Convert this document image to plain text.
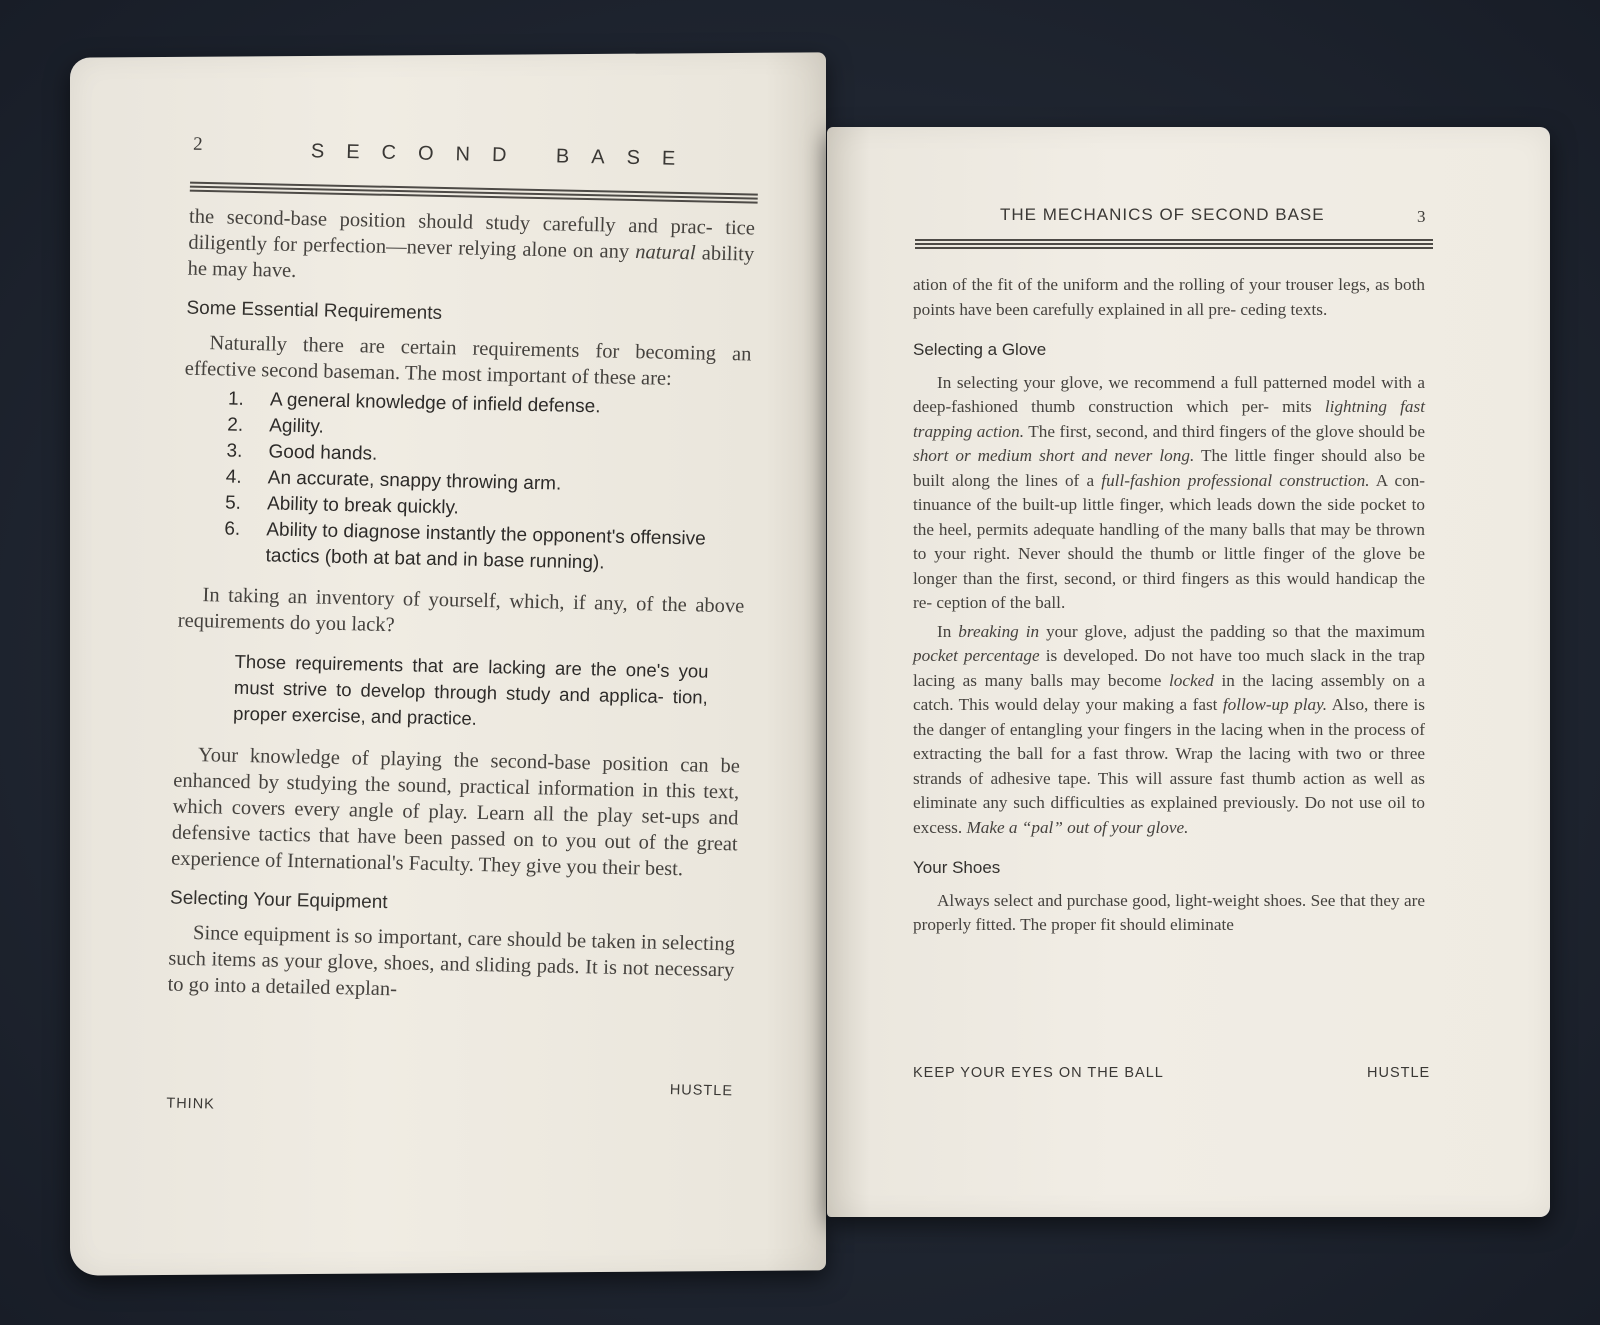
2	SECOND BASE

the second-base position should study carefully and prac- tice diligently for perfection—never relying alone on any natural ability he may have.

Some Essential Requirements

Naturally there are certain requirements for becoming an effective second baseman. The most important of these are:

1.	A general knowledge of infield defense.
2.	Agility.
3.	Good hands.
4.	An accurate, snappy throwing arm.
5.	Ability to break quickly.
6.	Ability to diagnose instantly the opponent's offensive tactics (both at bat and in base running).

In taking an inventory of yourself, which, if any, of the above requirements do you lack?

Those requirements that are lacking are the one's you must strive to develop through study and applica- tion, proper exercise, and practice.

Your knowledge of playing the second-base position can be enhanced by studying the sound, practical information in this text, which covers every angle of play. Learn all the play set-ups and defensive tactics that have been passed on to you out of the great experience of International's Faculty. They give you their best.

Selecting Your Equipment

Since equipment is so important, care should be taken in selecting such items as your glove, shoes, and sliding pads. It is not necessary to go into a detailed explan-

HUSTLE
THINK
THE MECHANICS OF SECOND BASE	3

ation of the fit of the uniform and the rolling of your trouser legs, as both points have been carefully explained in all pre- ceding texts.

Selecting a Glove

In selecting your glove, we recommend a full patterned model with a deep-fashioned thumb construction which per- mits lightning fast trapping action. The first, second, and third fingers of the glove should be short or medium short and never long. The little finger should also be built along the lines of a full-fashion professional construction. A con- tinuance of the built-up little finger, which leads down the side pocket to the heel, permits adequate handling of the many balls that may be thrown to your right. Never should the thumb or little finger of the glove be longer than the first, second, or third fingers as this would handicap the re- ception of the ball.

In breaking in your glove, adjust the padding so that the maximum pocket percentage is developed. Do not have too much slack in the trap lacing as many balls may become locked in the lacing assembly on a catch. This would delay your making a fast follow-up play. Also, there is the danger of entangling your fingers in the lacing when in the process of extracting the ball for a fast throw. Wrap the lacing with two or three strands of adhesive tape. This will assure fast thumb action as well as eliminate any such difficulties as explained previously. Do not use oil to excess. Make a “pal” out of your glove.

Your Shoes

Always select and purchase good, light-weight shoes. See that they are properly fitted. The proper fit should eliminate

KEEP YOUR EYES ON THE BALL	HUSTLE
